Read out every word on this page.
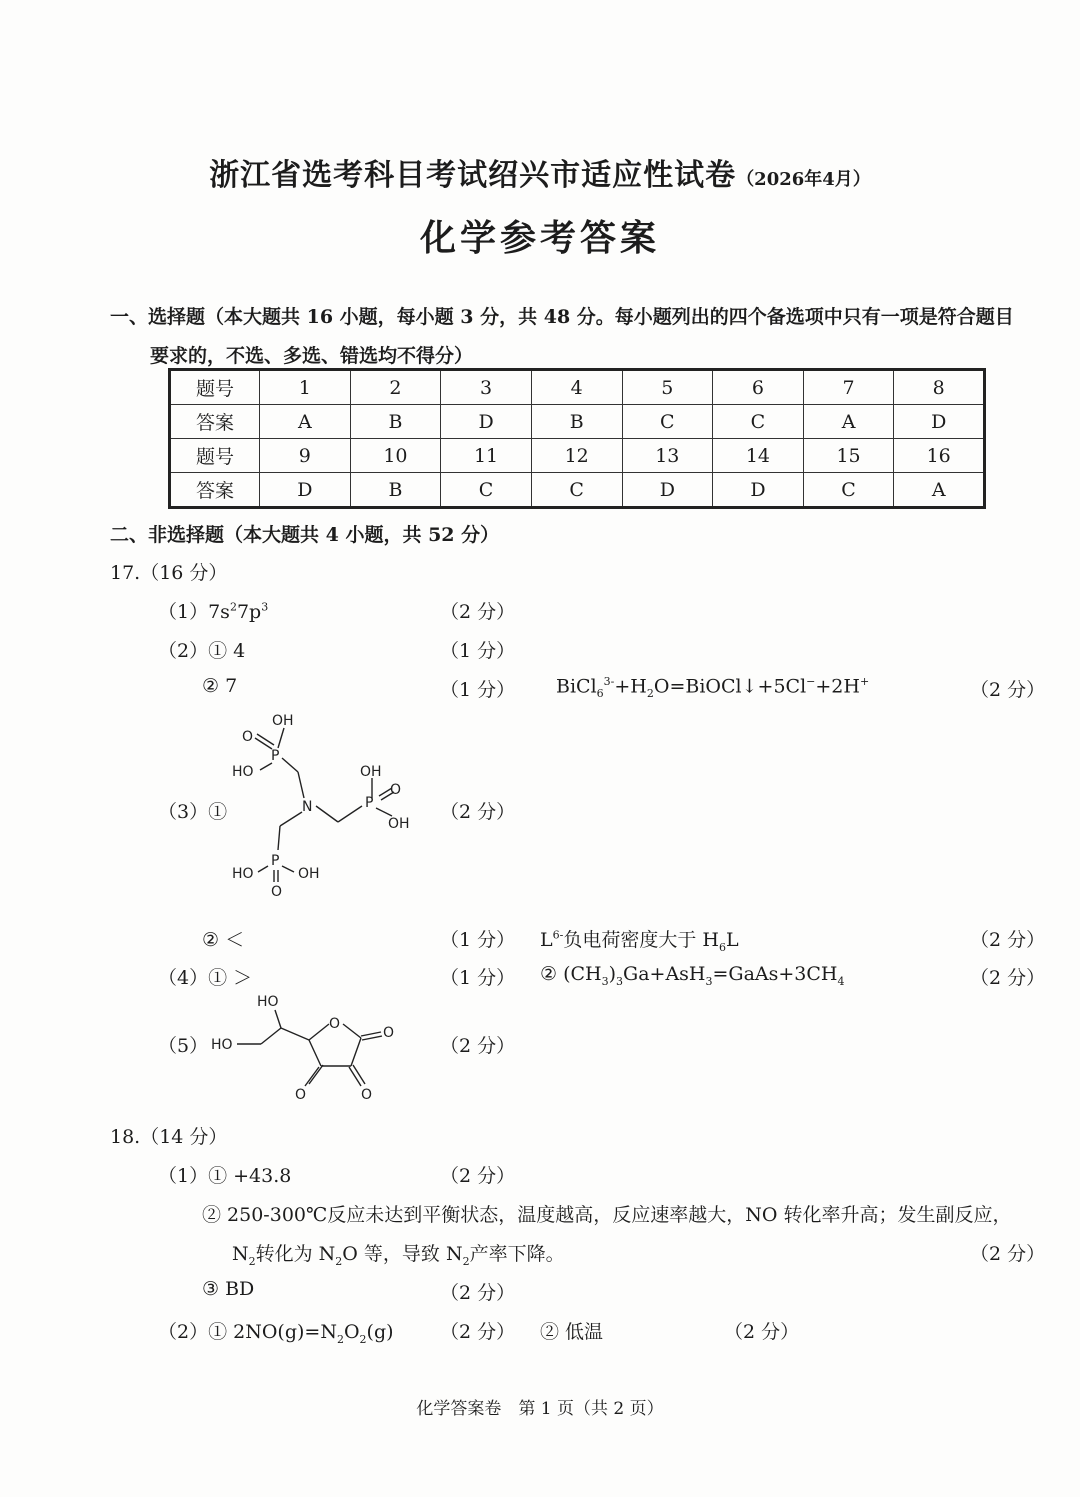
浙江省选考科目考试绍兴市适应性试卷（2026年4月）
化学参考答案
一、选择题（本大题共 16 小题，每小题 3 分，共 48 分。每小题列出的四个备选项中只有一项是符合题目
要求的，不选、多选、错选均不得分）
题号	1	2	3	4	5	6	7	8
答案	A	B	D	B	C	C	A	D
题号	9	10	11	12	13	14	15	16
答案	D	B	C	C	D	D	C	A
二、非选择题（本大题共 4 小题，共 52 分）
17.（16 分）
$(1)7s^27p^3$	（2 分）
（2）① 4	（1 分）
② 7	（1 分） $BiCl_6^{3-}+H_2O=BiOCl↓+5Cl^-+2H^+$	（2 分）
（3）①	（2 分）
OH
O
P
HO
N
OH
P
O
OH
P
HO	OH
O
② ＜	（1 分） $L^{6-}$负电荷密度大于 $H_6L$	（2 分）
（4）① ＞	（1 分） ② $(CH_3)_3Ga+AsH_3=GaAs+3CH_4$	（2 分）
（5）	（2 分）
HO
HO
O
O
O
O
18.（14 分）
（1）① +43.8	（2 分）
② 250-300℃反应未达到平衡状态，温度越高，反应速率越大，NO 转化率升高；发生副反应，
$N_2$转化为 $N_2O$ 等，导致 $N_2$产率下降。	（2 分）
③ BD	（2 分）
（2）① $2NO(g)=N_2O_2(g)$ （2 分） ② 低温	（2 分）
化学答案卷　第 1 页（共 2 页）
